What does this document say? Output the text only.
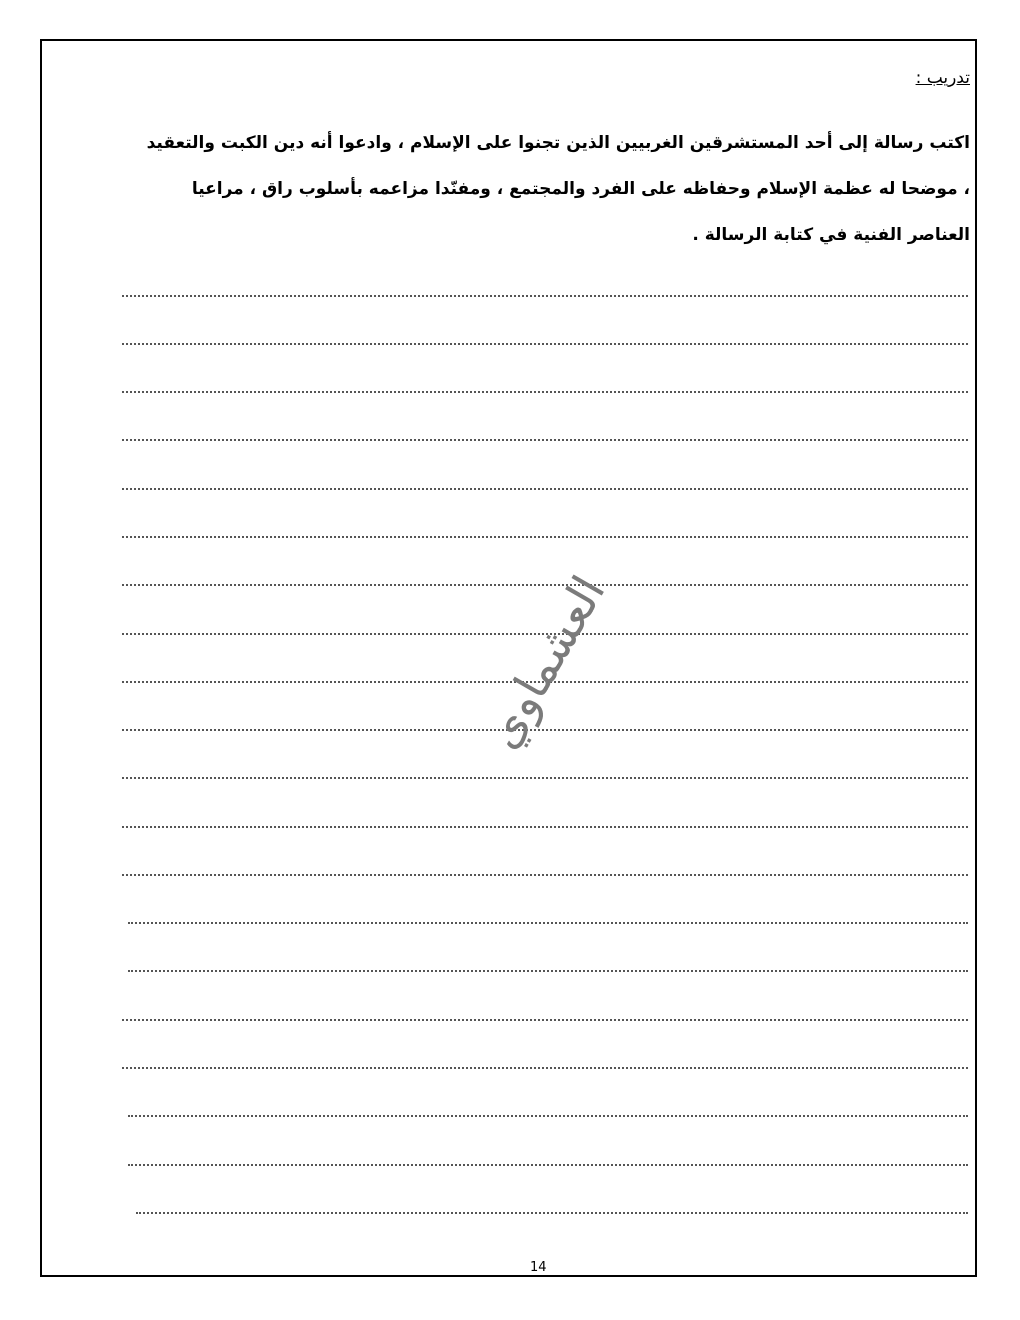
تدريب :
اكتب رسالة إلى أحد المستشرقين الغربيين الذين تجنوا على الإسلام ، وادعوا أنه دين الكبت والتعقيد
، موضحا له عظمة الإسلام وحفاظه على الفرد والمجتمع ، ومفنّدا مزاعمه بأسلوب راق ، مراعيا
العناصر الفنية في كتابة الرسالة .
العشماوي
14
